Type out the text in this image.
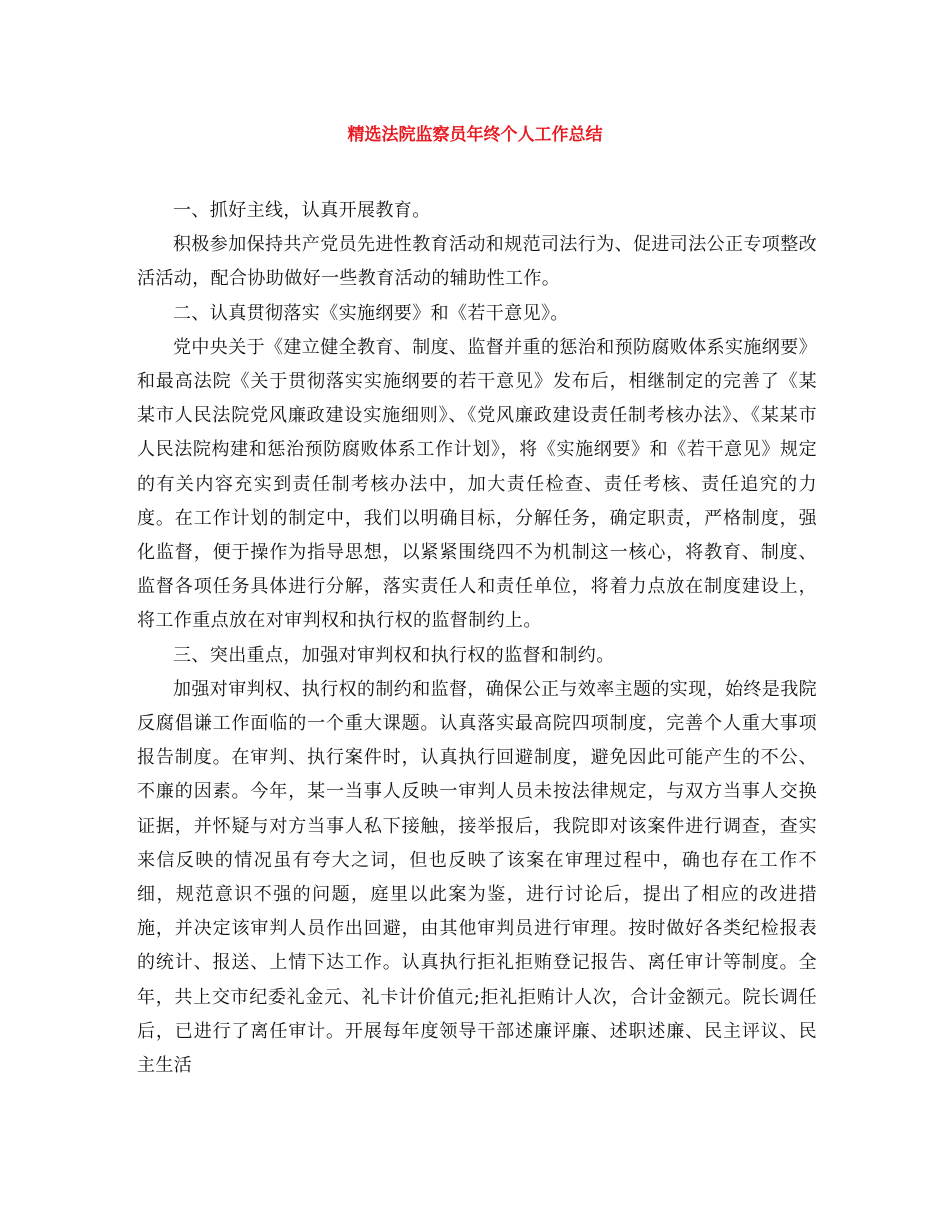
精选法院监察员年终个人工作总结

一、抓好主线，认真开展教育。

积极参加保持共产党员先进性教育活动和规范司法行为、促进司法公正专项整改活活动，配合协助做好一些教育活动的辅助性工作。

二、认真贯彻落实《实施纲要》和《若干意见》。

党中央关于《建立健全教育、制度、监督并重的惩治和预防腐败体系实施纲要》和最高法院《关于贯彻落实实施纲要的若干意见》发布后，相继制定的完善了《某某市人民法院党风廉政建设实施细则》、《党风廉政建设责任制考核办法》、《某某市人民法院构建和惩治预防腐败体系工作计划》，将《实施纲要》和《若干意见》规定的有关内容充实到责任制考核办法中，加大责任检查、责任考核、责任追究的力度。在工作计划的制定中，我们以明确目标，分解任务，确定职责，严格制度，强化监督，便于操作为指导思想，以紧紧围绕四不为机制这一核心，将教育、制度、监督各项任务具体进行分解，落实责任人和责任单位，将着力点放在制度建设上，将工作重点放在对审判权和执行权的监督制约上。

三、突出重点，加强对审判权和执行权的监督和制约。

加强对审判权、执行权的制约和监督，确保公正与效率主题的实现，始终是我院反腐倡谦工作面临的一个重大课题。认真落实最高院四项制度，完善个人重大事项报告制度。在审判、执行案件时，认真执行回避制度，避免因此可能产生的不公、不廉的因素。今年，某一当事人反映一审判人员未按法律规定，与双方当事人交换证据，并怀疑与对方当事人私下接触，接举报后，我院即对该案件进行调查，查实来信反映的情况虽有夸大之词，但也反映了该案在审理过程中，确也存在工作不细，规范意识不强的问题，庭里以此案为鉴，进行讨论后，提出了相应的改进措施，并决定该审判人员作出回避，由其他审判员进行审理。按时做好各类纪检报表的统计、报送、上情下达工作。认真执行拒礼拒贿登记报告、离任审计等制度。全年，共上交市纪委礼金元、礼卡计价值元;拒礼拒贿计人次，合计金额元。院长调任后，已进行了离任审计。开展每年度领导干部述廉评廉、述职述廉、民主评议、民主生活
